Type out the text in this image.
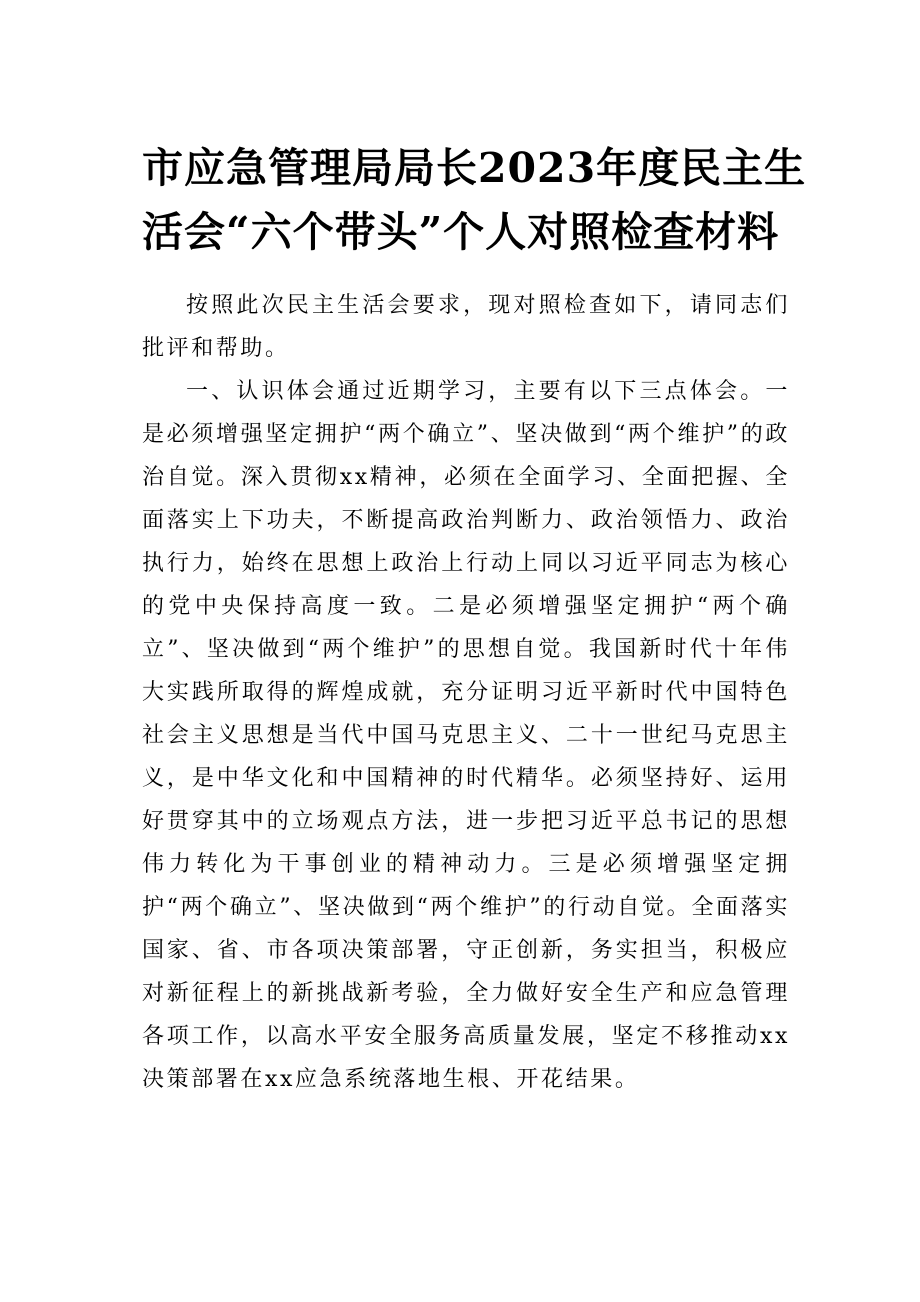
市应急管理局局长2023年度民主生
活会“六个带头”个人对照检查材料

按照此次民主生活会要求，现对照检查如下，请同志们批评和帮助。

一、认识体会通过近期学习，主要有以下三点体会。一是必须增强坚定拥护“两个确立”、坚决做到“两个维护”的政治自觉。深入贯彻xx精神，必须在全面学习、全面把握、全面落实上下功夫，不断提高政治判断力、政治领悟力、政治执行力，始终在思想上政治上行动上同以习近平同志为核心的党中央保持高度一致。二是必须增强坚定拥护“两个确立”、坚决做到“两个维护”的思想自觉。我国新时代十年伟大实践所取得的辉煌成就，充分证明习近平新时代中国特色社会主义思想是当代中国马克思主义、二十一世纪马克思主义，是中华文化和中国精神的时代精华。必须坚持好、运用好贯穿其中的立场观点方法，进一步把习近平总书记的思想伟力转化为干事创业的精神动力。三是必须增强坚定拥护“两个确立”、坚决做到“两个维护”的行动自觉。全面落实国家、省、市各项决策部署，守正创新，务实担当，积极应对新征程上的新挑战新考验，全力做好安全生产和应急管理各项工作，以高水平安全服务高质量发展，坚定不移推动xx决策部署在xx应急系统落地生根、开花结果。
